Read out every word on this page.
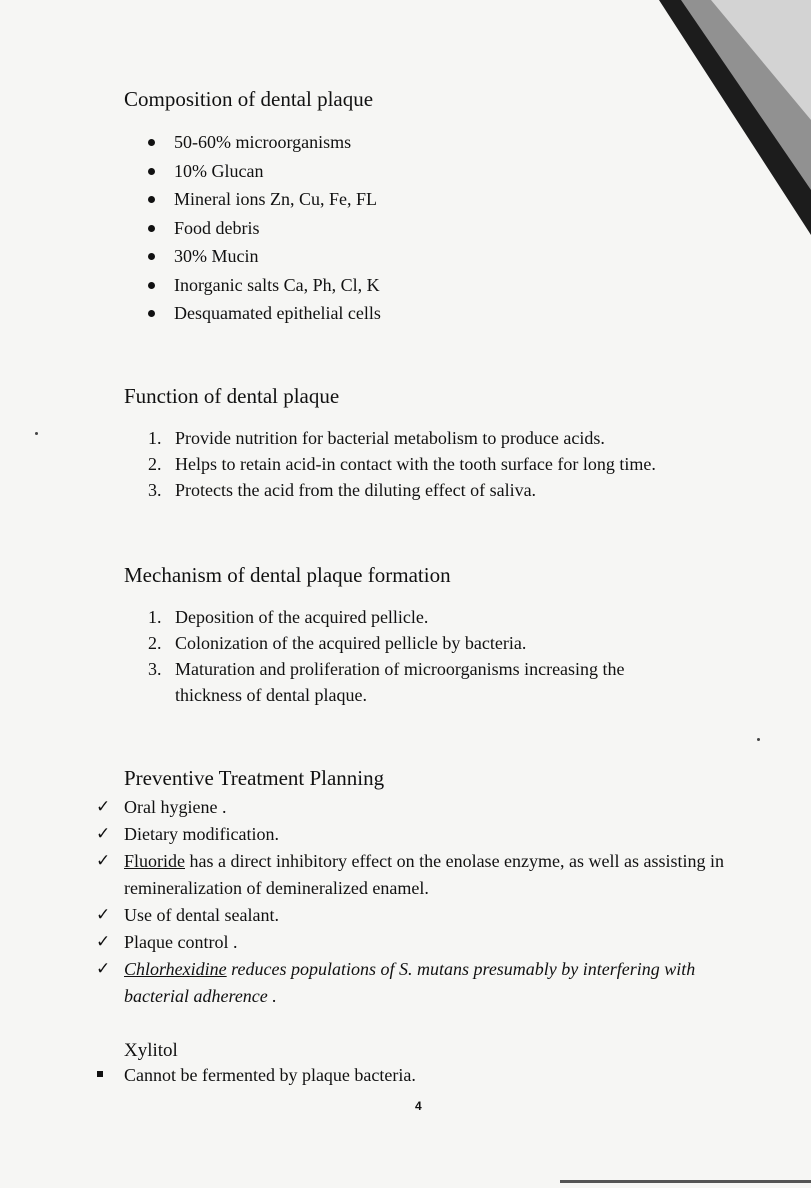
Composition of dental plaque
50-60% microorganisms
10% Glucan
Mineral ions Zn, Cu, Fe, FL
Food debris
30% Mucin
Inorganic salts Ca, Ph, Cl, K
Desquamated epithelial cells
Function of dental plaque
1. Provide nutrition for bacterial metabolism to produce acids.
2. Helps to retain acid-in contact with the tooth surface for long time.
3. Protects the acid from the diluting effect of saliva.
Mechanism of dental plaque formation
1. Deposition of the acquired pellicle.
2. Colonization of the acquired pellicle by bacteria.
3. Maturation and proliferation of microorganisms increasing the thickness of dental plaque.
Preventive Treatment Planning
✓ Oral hygiene .
✓ Dietary modification.
✓ Fluoride has a direct inhibitory effect on the enolase enzyme, as well as assisting in remineralization of demineralized enamel.
✓ Use of dental sealant.
✓ Plaque control .
✓ Chlorhexidine reduces populations of S. mutans presumably by interfering with bacterial adherence .
Xylitol
Cannot be fermented by plaque bacteria.
4
